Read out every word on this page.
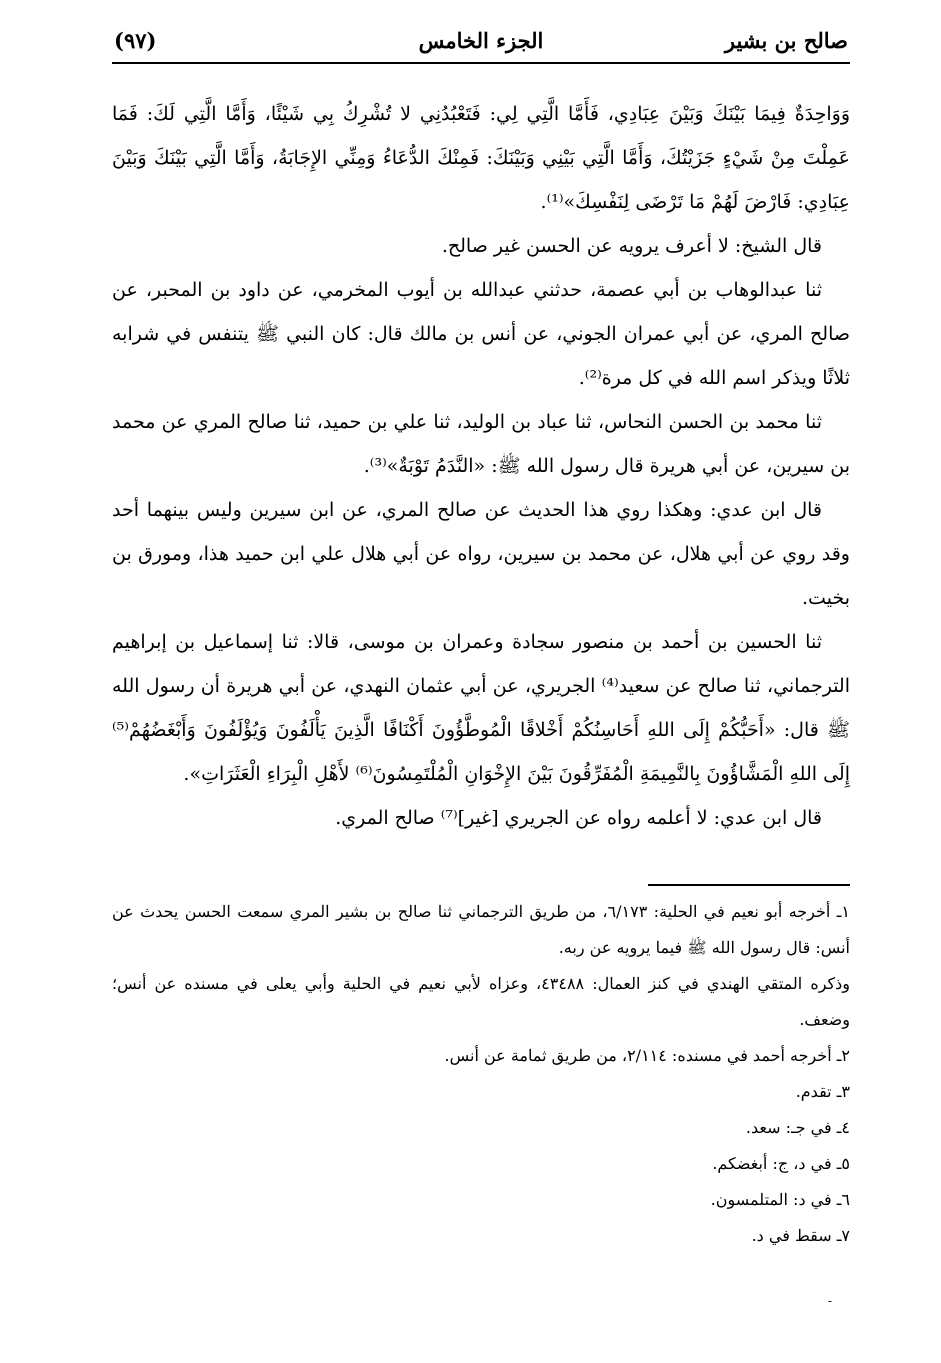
صالح بن بشير
الجزء الخامس
(٩٧)

وَوَاحِدَةٌ فِيمَا بَيْنَكَ وَبَيْنَ عِبَادِي، فَأَمَّا الَّتِي لِي: فَتَعْبُدُنِي لا تُشْرِكُ بِي شَيْئًا، وَأَمَّا الَّتِي لَكَ: فَمَا عَمِلْتَ مِنْ شَيْءٍ جَزَيْتُكَ، وَأَمَّا الَّتِي بَيْنِي وَبَيْنَكَ: فَمِنْكَ الدُّعَاءُ وَمِنِّي الإِجَابَةُ، وَأَمَّا الَّتِي بَيْنَكَ وَبَيْنَ عِبَادِي: فَارْضَ لَهُمْ مَا تَرْضَى لِنَفْسِكَ»⁽¹⁾.

قال الشيخ: لا أعرف يرويه عن الحسن غير صالح.

ثنا عبدالوهاب بن أبي عصمة، حدثني عبدالله بن أيوب المخرمي، عن داود بن المحبر، عن صالح المري، عن أبي عمران الجوني، عن أنس بن مالك قال: كان النبي ﷺ يتنفس في شرابه ثلاثًا ويذكر اسم الله في كل مرة⁽²⁾.

ثنا محمد بن الحسن النحاس، ثنا عباد بن الوليد، ثنا علي بن حميد، ثنا صالح المري عن محمد بن سيرين، عن أبي هريرة قال رسول الله ﷺ: «النَّدَمُ تَوْبَةٌ»⁽³⁾.

قال ابن عدي: وهكذا روي هذا الحديث عن صالح المري، عن ابن سيرين وليس بينهما أحد وقد روي عن أبي هلال، عن محمد بن سيرين، رواه عن أبي هلال علي ابن حميد هذا، ومورق بن بخيت.

ثنا الحسين بن أحمد بن منصور سجادة وعمران بن موسى، قالا: ثنا إسماعيل بن إبراهيم الترجماني، ثنا صالح عن سعيد⁽⁴⁾ الجريري، عن أبي عثمان النهدي، عن أبي هريرة أن رسول الله ﷺ قال: «أَحَبُّكُمْ إِلَى اللهِ أَحَاسِنُكُمْ أَخْلاقًا الْمُوطَّؤُونَ أَكْنَافًا الَّذِينَ يَأْلَفُونَ وَيُؤْلَفُونَ وَأَبْغَضُهُمْ⁽⁵⁾ إِلَى اللهِ الْمَشَّاؤُونَ بِالنَّمِيمَةِ الْمُفَرِّقُونَ بَيْنَ الإِخْوَانِ الْمُلْتَمِسُونَ⁽⁶⁾ لأَهْلِ الْبِرَاءِ الْعَثَرَاتِ».

قال ابن عدي: لا أعلمه رواه عن الجريري [غير]⁽⁷⁾ صالح المري.

١ـ أخرجه أبو نعيم في الحلية: ٦/١٧٣، من طريق الترجماني ثنا صالح بن بشير المري سمعت الحسن يحدث عن أنس: قال رسول الله ﷺ فيما يرويه عن ربه.

وذكره المتقي الهندي في كنز العمال: ٤٣٤٨٨، وعزاه لأبي نعيم في الحلية وأبي يعلى في مسنده عن أنس؛ وضعف.

٢ـ أخرجه أحمد في مسنده: ٢/١١٤، من طريق ثمامة عن أنس.

٣ـ تقدم.

٤ـ في جـ: سعد.

٥ـ في د، ج: أبغضكم.

٦ـ في د: المتلمسون.

٧ـ سقط في د.

-
